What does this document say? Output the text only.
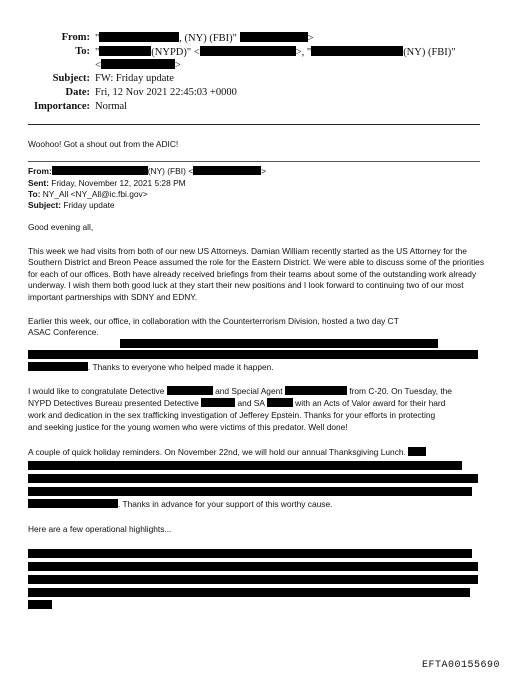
From: "	, (NY) (FBI)"	>
To: "	(NYPD)" <	>, "	(NY) (FBI)"
<	>
Subject: FW: Friday update
Date: Fri, 12 Nov 2021 22:45:03 +0000
Importance: Normal
Woohoo! Got a shout out from the ADIC!
From:	(NY) (FBI) <	>
Sent: Friday, November 12, 2021 5:28 PM
To: NY_All <NY_All@ic.fbi.gov>
Subject: Friday update
Good evening all,
This week we had visits from both of our new US Attorneys. Damian William recently started as the US Attorney for the Southern District and Breon Peace assumed the role for the Eastern District. We were able to discuss some of the priorities for each of our offices. Both have already received briefings from their teams about some of the outstanding work already underway. I wish them both good luck at they start their new positions and I look forward to continuing two of our most important partnerships with SDNY and EDNY.
Earlier this week, our office, in collaboration with the Counterterrorism Division, hosted a two day CT ASAC Conference.
. Thanks to everyone who helped made it happen.
I would like to congratulate Detective	and Special Agent	from C-20. On Tuesday, the
NYPD Detectives Bureau presented Detective	and SA	with an Acts of Valor award for their hard
work and dedication in the sex trafficking investigation of Jefferey Epstein. Thanks for your efforts in protecting
and seeking justice for the young women who were victims of this predator. Well done!
A couple of quick holiday reminders. On November 22nd, we will hold our annual Thanksgiving Lunch.
. Thanks in advance for your support of this worthy cause.
Here are a few operational highlights...
EFTA00155690
